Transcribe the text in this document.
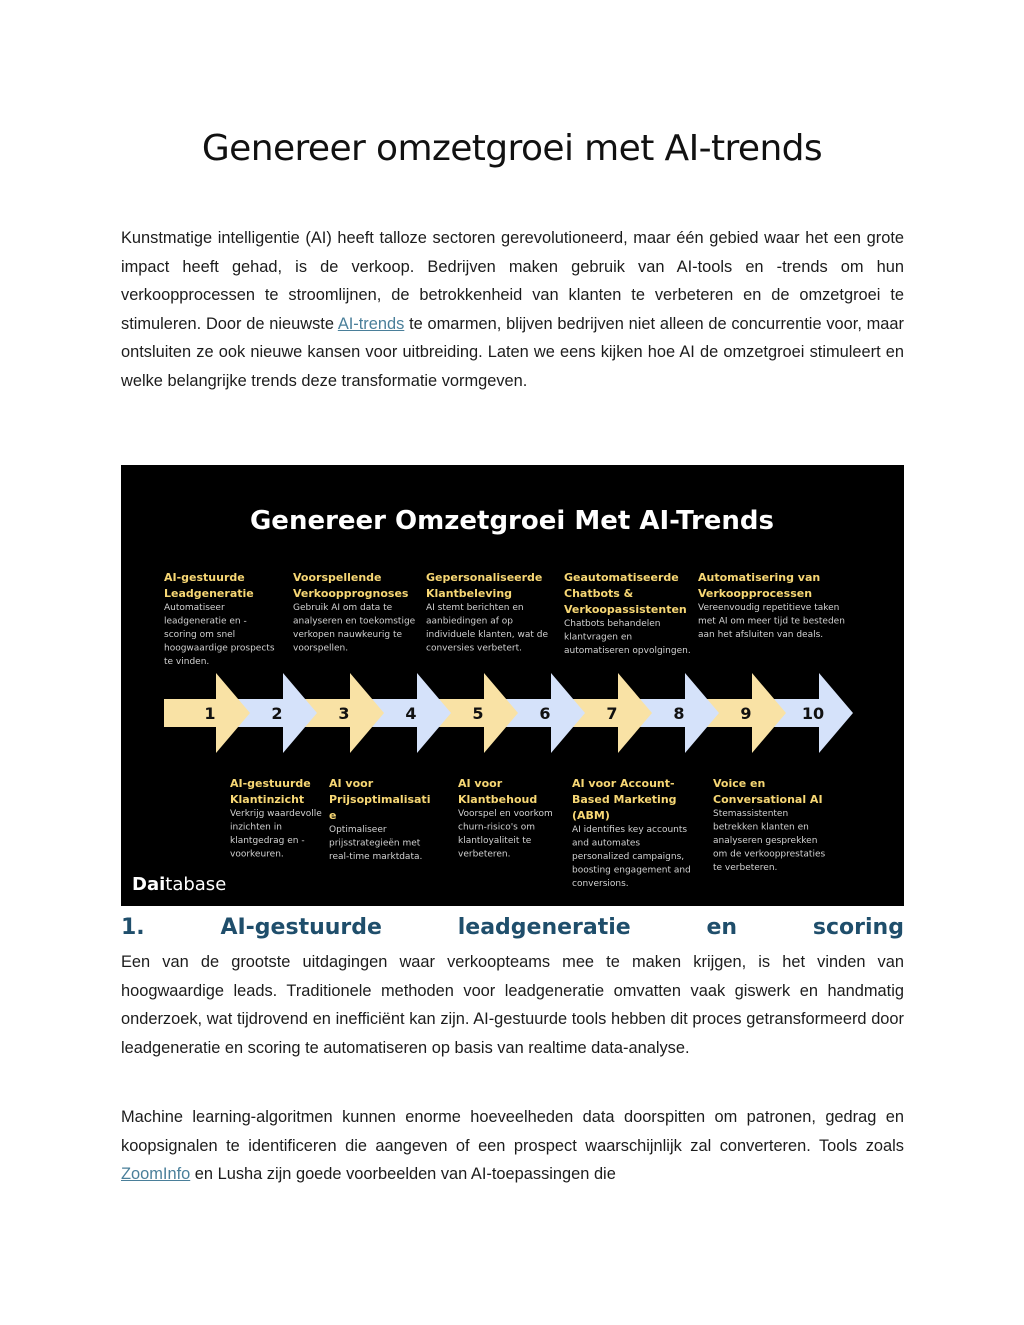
Genereer omzetgroei met AI-trends

Kunstmatige intelligentie (AI) heeft talloze sectoren gerevolutioneerd, maar één gebied waar het een grote impact heeft gehad, is de verkoop. Bedrijven maken gebruik van AI-tools en -trends om hun verkoopprocessen te stroomlijnen, de betrokkenheid van klanten te verbeteren en de omzetgroei te stimuleren. Door de nieuwste AI-trends te omarmen, blijven bedrijven niet alleen de concurrentie voor, maar ontsluiten ze ook nieuwe kansen voor uitbreiding. Laten we eens kijken hoe AI de omzetgroei stimuleert en welke belangrijke trends deze transformatie vormgeven.

Genereer Omzetgroei Met AI-Trends
10
9
8
7
6
5
4
3
2
1
AI-gestuurde
Leadgeneratie
Automatiseer
leadgeneratie en -
scoring om snel
hoogwaardige prospects
te vinden.
Voorspellende
Verkoopprognoses
Gebruik AI om data te
analyseren en toekomstige
verkopen nauwkeurig te
voorspellen.
Gepersonaliseerde
Klantbeleving
AI stemt berichten en
aanbiedingen af op
individuele klanten, wat de
conversies verbetert.
Geautomatiseerde
Chatbots &
Verkoopassistenten
Chatbots behandelen
klantvragen en
automatiseren opvolgingen.
Automatisering van
Verkoopprocessen
Vereenvoudig repetitieve taken
met AI om meer tijd te besteden
aan het afsluiten van deals.
AI-gestuurde
Klantinzicht
Verkrijg waardevolle
inzichten in
klantgedrag en -
voorkeuren.
AI voor
Prijsoptimalisati
e
Optimaliseer
prijsstrategieën met
real-time marktdata.
AI voor
Klantbehoud
Voorspel en voorkom
churn-risico's om
klantloyaliteit te
verbeteren.
AI voor Account-
Based Marketing
(ABM)
AI identifies key accounts
and automates
personalized campaigns,
boosting engagement and
conversions.
Voice en
Conversational AI
Stemassistenten
betrekken klanten en
analyseren gesprekken
om de verkoopprestaties
te verbeteren.
Daitabase
1.	AI-gestuurde	leadgeneratie	en	scoring

Een van de grootste uitdagingen waar verkoopteams mee te maken krijgen, is het vinden van hoogwaardige leads. Traditionele methoden voor leadgeneratie omvatten vaak giswerk en handmatig onderzoek, wat tijdrovend en inefficiënt kan zijn. AI-gestuurde tools hebben dit proces getransformeerd door leadgeneratie en scoring te automatiseren op basis van realtime data-analyse.

Machine learning-algoritmen kunnen enorme hoeveelheden data doorspitten om patronen, gedrag en koopsignalen te identificeren die aangeven of een prospect waarschijnlijk zal converteren. Tools zoals ZoomInfo en Lusha zijn goede voorbeelden van AI-toepassingen die
